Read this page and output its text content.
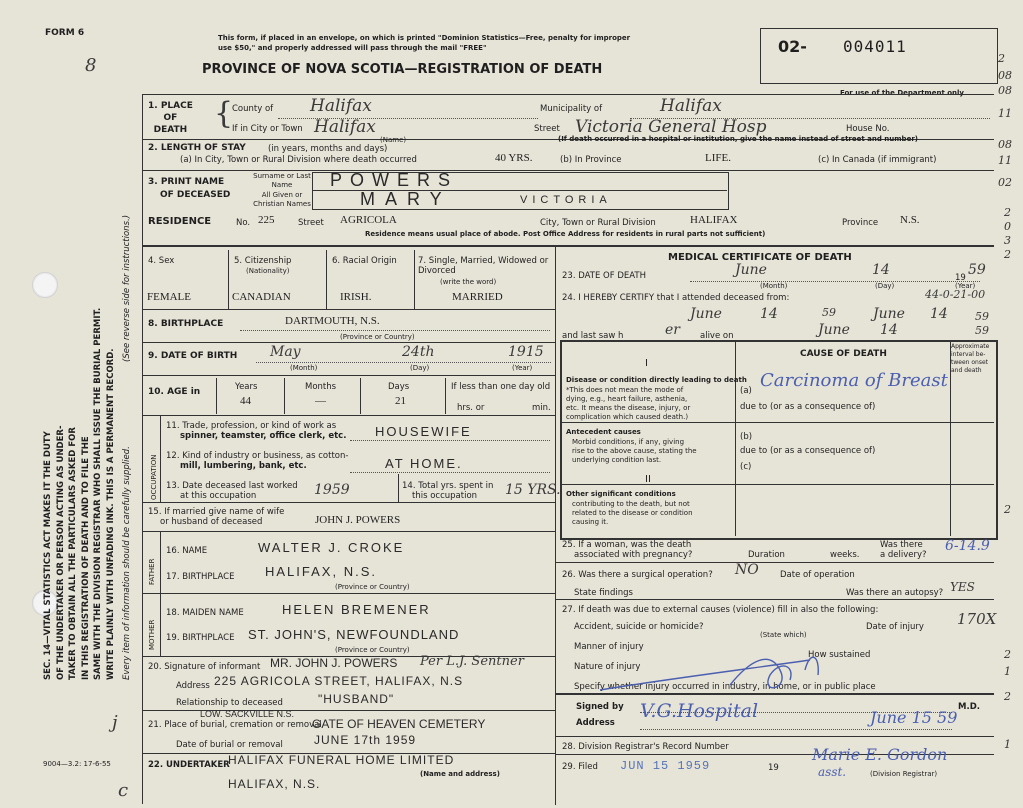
FORM 6
8
This form, if placed in an envelope, on which is printed "Dominion Statistics—Free, penalty for improper
use $50," and properly addressed will pass through the mail "FREE"
PROVINCE OF NOVA SCOTIA—REGISTRATION OF DEATH
02- 004011
For use of the Department only
SEC. 14—VITAL STATISTICS ACT MAKES IT THE DUTY OF THE UNDERTAKER OR PERSON ACTING AS UNDER- TAKER TO OBTAIN ALL THE PARTICULARS ASKED FOR IN THIS REGISTRATION OF DEATH AND TO FILE THE SAME WITH THE DIVISION REGISTRAR WHO SHALL ISSUE THE BURIAL PERMIT. WRITE PLAINLY WITH UNFADING INK. THIS IS A PERMANENT RECORD. Every item of information should be carefully supplied.
(See reverse side for instructions.)
1. PLACE
OF
DEATH {
County of Halifax	Municipality of	Halifax
If in City or Town Halifax
(Name)
Street Victoria General Hosp	House No.
(If death occurred in a hospital or institution, give the name instead of street and number)
2. LENGTH OF STAY	(in years, months and days)
(a) In City, Town or Rural Division where death occurred	40 YRS.	(b) In Province	LIFE.	(c) In Canada (if immigrant)
3. PRINT NAME
OF DECEASED
Surname or Last Name
All Given or Christian Names
POWERS
MARY	VICTORIA
RESIDENCE	No. 225	Street AGRICOLA	City, Town or Rural Division	HALIFAX	Province N.S.
Residence means usual place of abode. Post Office Address for residents in rural parts not sufficient)
4. Sex	5. Citizenship
(Nationality)
6. Racial Origin	7. Single, Married, Widowed or Divorced
(write the word)
FEMALE	CANADIAN	IRISH.	MARRIED
8. BIRTHPLACE	DARTMOUTH, N.S.
(Province or Country)
9. DATE OF BIRTH May	24th	1915
(Month)	(Day)	(Year)
10. AGE in	Years	Months	Days
44	—	21
If less than one day old
hrs. or	min.
OCCUPATION
11. Trade, profession, or kind of work as
spinner, teamster, office clerk, etc. HOUSEWIFE
12. Kind of industry or business, as cotton-
mill, lumbering, bank, etc.	AT HOME.
13. Date deceased last worked
at this occupation	1959	14. Total yrs. spent in
this occupation 15 YRS.
15. If married give name of wife
or husband of deceased	JOHN J. POWERS
FATHER
16. NAME	WALTER J. CROKE
17. BIRTHPLACE HALIFAX, N.S.
(Province or Country)
MOTHER
18. MAIDEN NAME	HELEN BREMENER
19. BIRTHPLACE ST. JOHN'S, NEWFOUNDLAND
(Province or Country)
20. Signature of informant MR. JOHN J. POWERS Per L.J. Sentner
Address 225 AGRICOLA STREET, HALIFAX, N.S
Relationship to deceased	"HUSBAND"
21. Place of burial, cremation or removal
LOW. SACKVILLE N.S.
GATE OF HEAVEN CEMETERY
Date of burial or removal	JUNE 17th 1959
22. UNDERTAKER
HALIFAX FUNERAL HOME LIMITED
(Name and address)
HALIFAX, N.S.
9004—3.2: 17-6-55
j
c
MEDICAL CERTIFICATE OF DEATH
23. DATE OF DEATH	June	14	19 59
(Month)	(Day)	(Year)
24. I HEREBY CERTIFY that I attended deceased from:	44-0-21-00
June	14	59	June 14 59
and last saw h	er alive on	June 14	59
CAUSE OF DEATH
I
II
Approximate interval be- tween onset and death
Disease or condition directly leading to death
*This does not mean the mode of
dying, e.g., heart failure, asthenia,
etc. It means the disease, injury, or
complication which caused death.)
(a) Carcinoma of Breast
due to (or as a consequence of)
Antecedent causes
Morbid conditions, if any, giving
rise to the above cause, stating the
underlying condition last.
(b)
due to (or as a consequence of)
(c)
Other significant conditions
contributing to the death, but not
related to the disease or condition
causing it.
25. If a woman, was the death
associated with pregnancy?	Duration	weeks.
Was there
a delivery?
6-14.9
26. Was there a surgical operation? NO	Date of operation
State findings	Was there an autopsy? YES
27. If death was due to external causes (violence) fill in also the following:
Accident, suicide or homicide?
(State which)
Date of injury 170X
Manner of injury
How sustained
Nature of injury
Specify whether injury occurred in industry, in home, or in public place
Signed by	M.D.
Address
V.G.Hospital	June 15 59
28. Division Registrar's Record Number
29. Filed JUN 15 1959	19
Marie E. Gordon
asst.	(Division Registrar)
2
08
08
11
08
11
02
2
0
3
2
2
2
1
2
1
